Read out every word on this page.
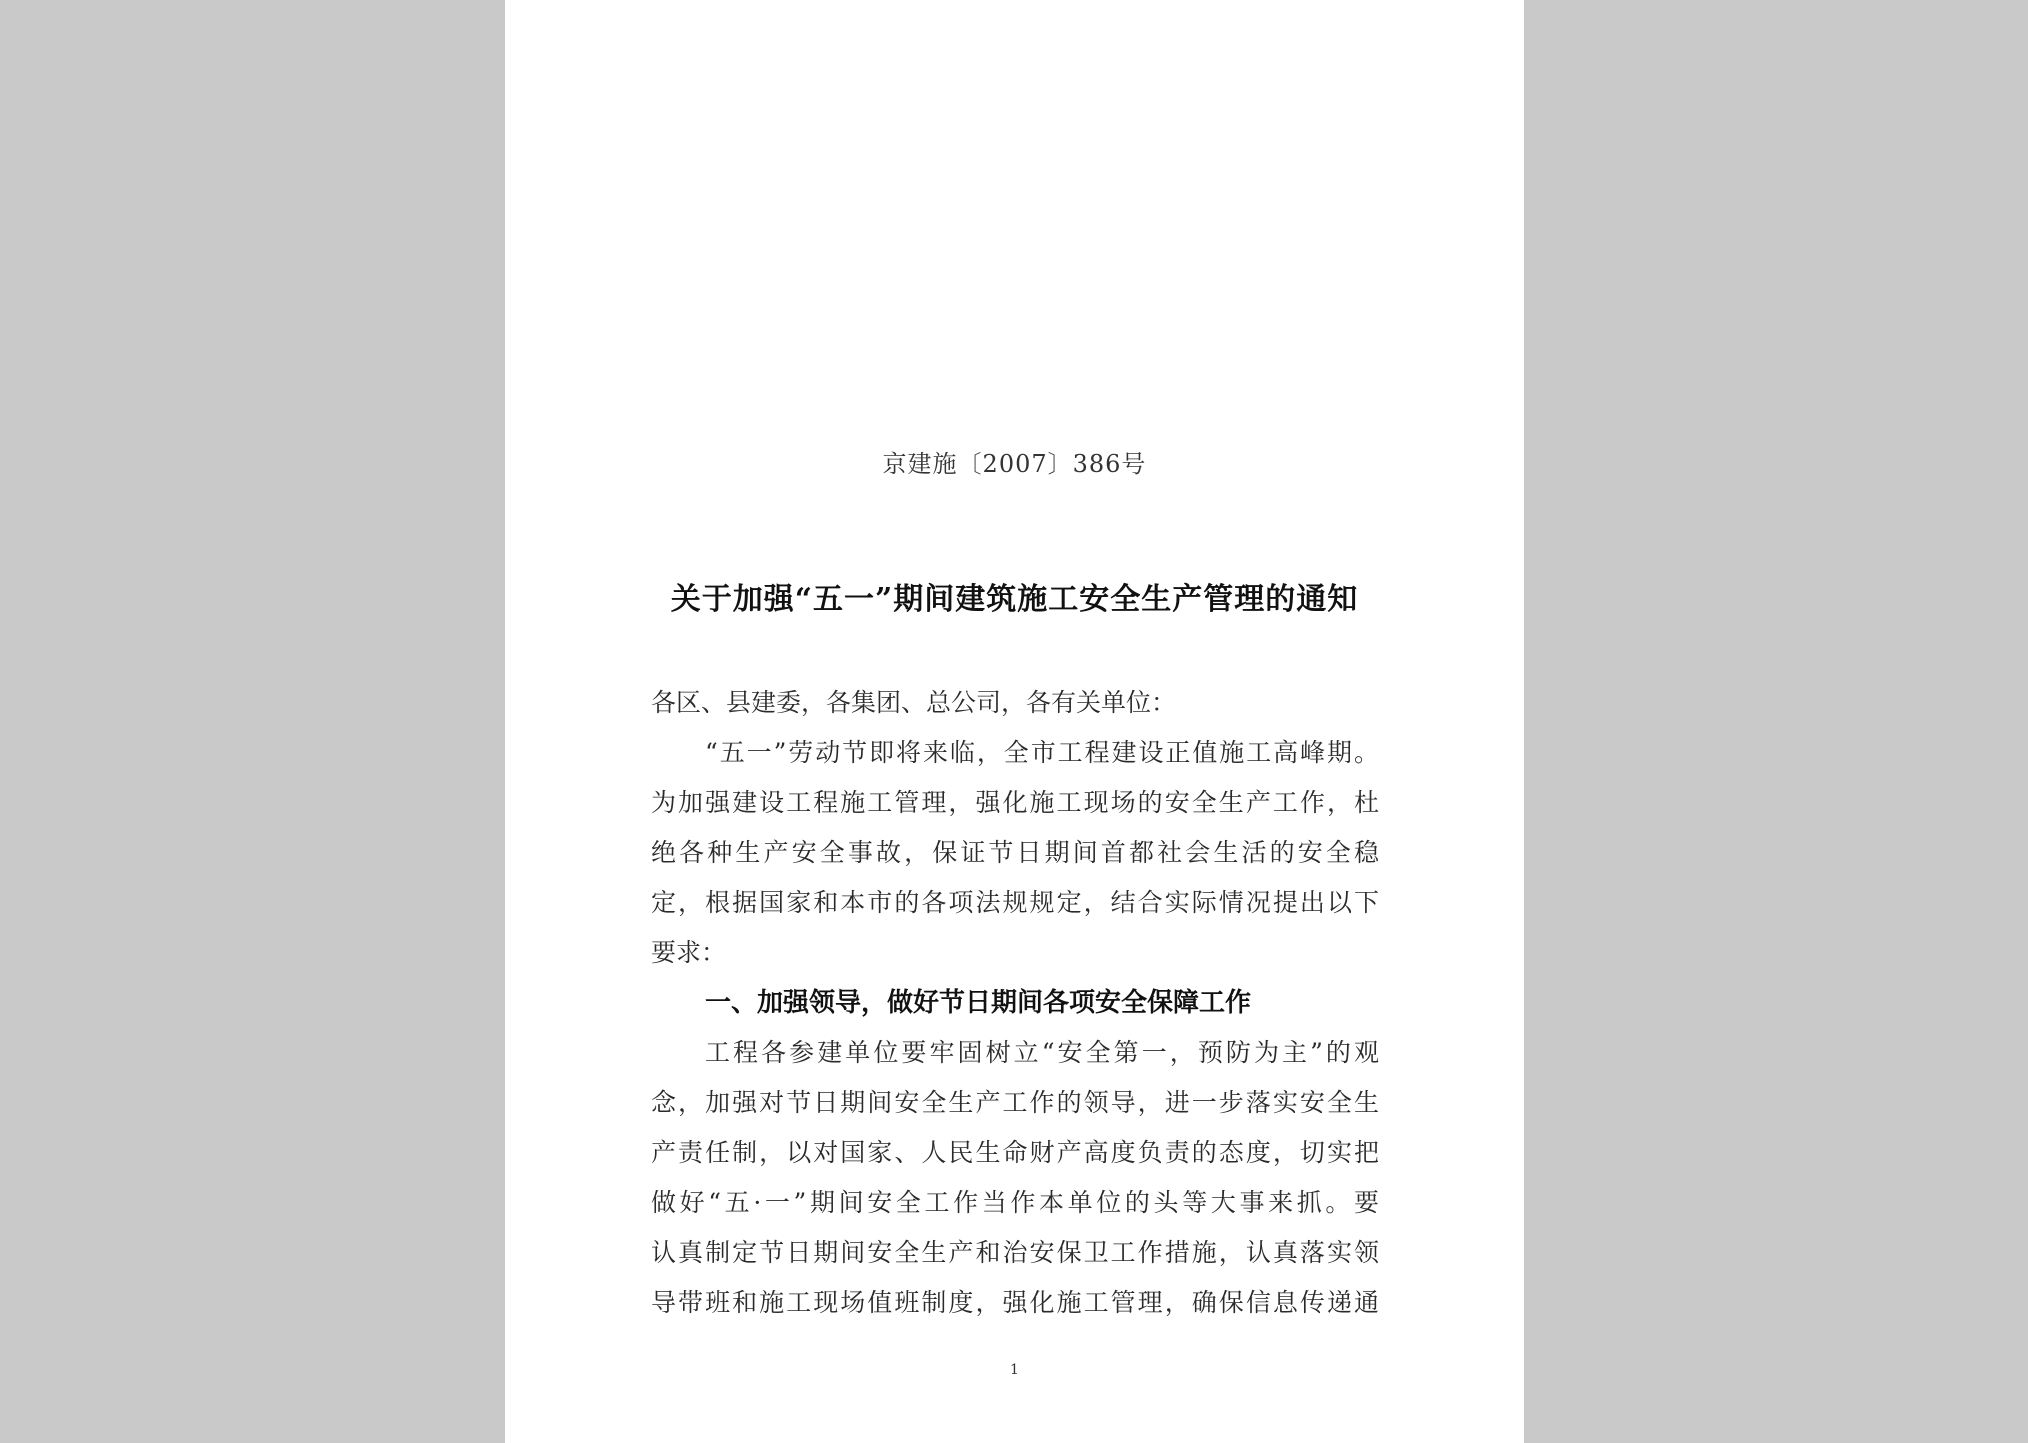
京建施〔2007〕386号
关于加强“五一”期间建筑施工安全生产管理的通知
各区、县建委，各集团、总公司，各有关单位：
“五一”劳动节即将来临，全市工程建设正值施工高峰期。
为加强建设工程施工管理，强化施工现场的安全生产工作，杜
绝各种生产安全事故，保证节日期间首都社会生活的安全稳
定，根据国家和本市的各项法规规定，结合实际情况提出以下
要求：
一、加强领导，做好节日期间各项安全保障工作
工程各参建单位要牢固树立“安全第一，预防为主”的观
念，加强对节日期间安全生产工作的领导，进一步落实安全生
产责任制，以对国家、人民生命财产高度负责的态度，切实把
做好“五·一”期间安全工作当作本单位的头等大事来抓。要
认真制定节日期间安全生产和治安保卫工作措施，认真落实领
导带班和施工现场值班制度，强化施工管理，确保信息传递通
1
